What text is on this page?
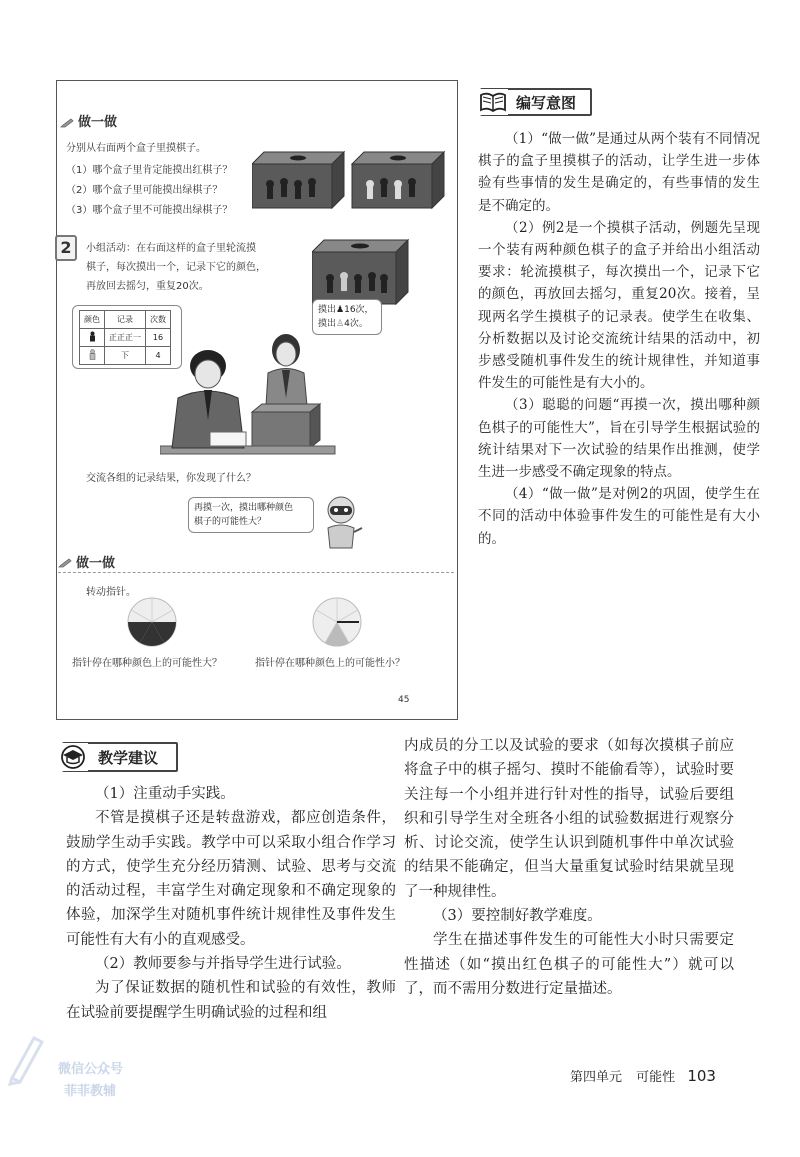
做一做
分别从右面两个盒子里摸棋子。
（1）哪个盒子里肯定能摸出红棋子？
（2）哪个盒子里可能摸出绿棋子？
（3）哪个盒子里不可能摸出绿棋子？
2	小组活动：在右面这样的盒子里轮流摸
棋子，每次摸出一个，记录下它的颜色，
再放回去摇匀，重复20次。
颜色	记录	次数
	正正正一	16
	下	4
摸出♟16次，
摸出♙4次。
交流各组的记录结果，你发现了什么？
再摸一次，摸出哪种颜色
棋子的可能性大？
做一做
转动指针。
指针停在哪种颜色上的可能性大？	指针停在哪种颜色上的可能性小？
45
编写意图

（1）“做一做”是通过从两个装有不同情况棋子的盒子里摸棋子的活动，让学生进一步体验有些事情的发生是确定的，有些事情的发生是不确定的。

（2）例2是一个摸棋子活动，例题先呈现一个装有两种颜色棋子的盒子并给出小组活动要求：轮流摸棋子，每次摸出一个，记录下它的颜色，再放回去摇匀，重复20次。接着，呈现两名学生摸棋子的记录表。使学生在收集、分析数据以及讨论交流统计结果的活动中，初步感受随机事件发生的统计规律性，并知道事件发生的可能性是有大小的。

（3）聪聪的问题“再摸一次，摸出哪种颜色棋子的可能性大”，旨在引导学生根据试验的统计结果对下一次试验的结果作出推测，使学生进一步感受不确定现象的特点。

（4）“做一做”是对例2的巩固，使学生在不同的活动中体验事件发生的可能性是有大小的。

教学建议

（1）注重动手实践。

不管是摸棋子还是转盘游戏，都应创造条件，鼓励学生动手实践。教学中可以采取小组合作学习的方式，使学生充分经历猜测、试验、思考与交流的活动过程，丰富学生对确定现象和不确定现象的体验，加深学生对随机事件统计规律性及事件发生可能性有大有小的直观感受。

（2）教师要参与并指导学生进行试验。

为了保证数据的随机性和试验的有效性，教师在试验前要提醒学生明确试验的过程和组

内成员的分工以及试验的要求（如每次摸棋子前应将盒子中的棋子摇匀、摸时不能偷看等），试验时要关注每一个小组并进行针对性的指导，试验后要组织和引导学生对全班各小组的试验数据进行观察分析、讨论交流，使学生认识到随机事件中单次试验的结果不能确定，但当大量重复试验时结果就呈现了一种规律性。

（3）要控制好教学难度。

学生在描述事件发生的可能性大小时只需要定性描述（如“摸出红色棋子的可能性大”）就可以了，而不需用分数进行定量描述。

第四单元 可能性 103
微信公众号
菲菲教辅
